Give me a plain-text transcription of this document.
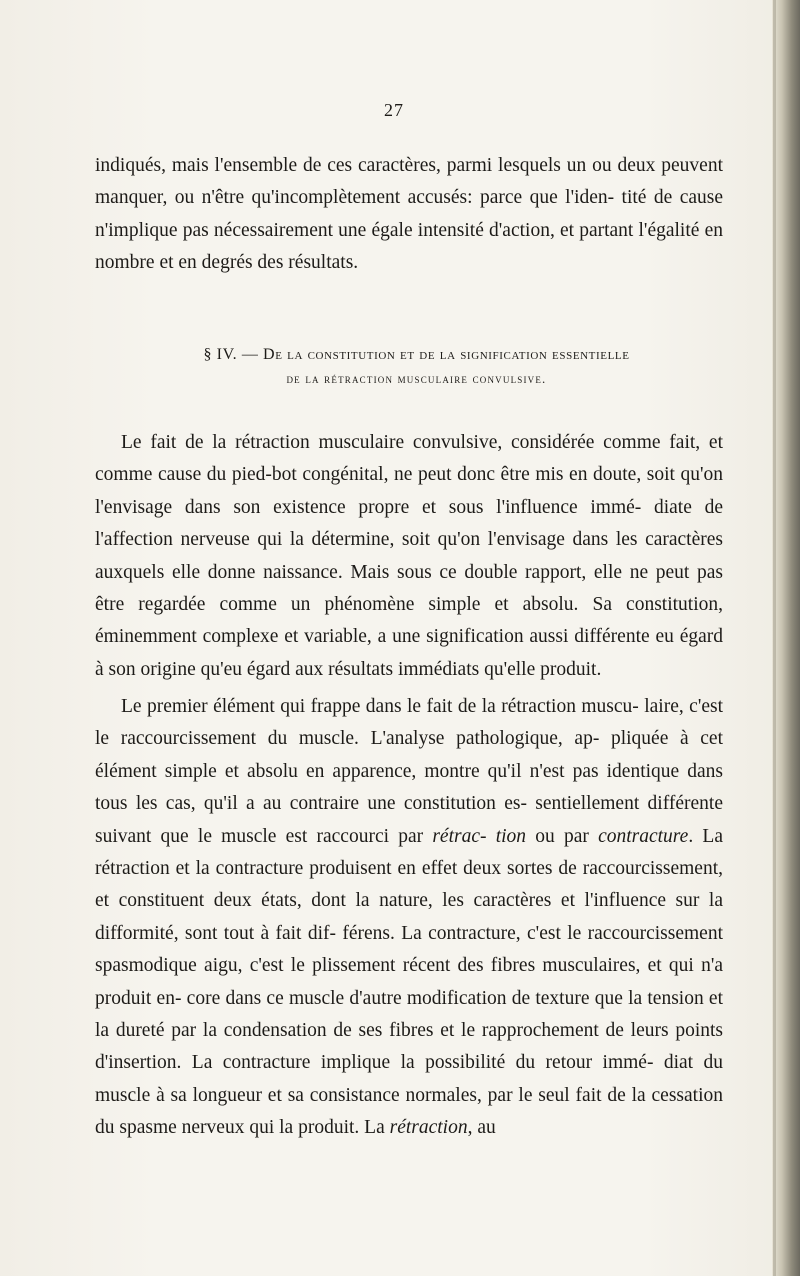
27

indiqués, mais l'ensemble de ces caractères, parmi lesquels un ou deux peuvent manquer, ou n'être qu'incomplètement accusés: parce que l'iden- tité de cause n'implique pas nécessairement une égale intensité d'action, et partant l'égalité en nombre et en degrés des résultats.

§ IV. — De la constitution et de la signification essentielle
de la rétraction musculaire convulsive.

Le fait de la rétraction musculaire convulsive, considérée comme fait, et comme cause du pied-bot congénital, ne peut donc être mis en doute, soit qu'on l'envisage dans son existence propre et sous l'influence immé- diate de l'affection nerveuse qui la détermine, soit qu'on l'envisage dans les caractères auxquels elle donne naissance. Mais sous ce double rapport, elle ne peut pas être regardée comme un phénomène simple et absolu. Sa constitution, éminemment complexe et variable, a une signification aussi différente eu égard à son origine qu'eu égard aux résultats immédiats qu'elle produit.

Le premier élément qui frappe dans le fait de la rétraction muscu- laire, c'est le raccourcissement du muscle. L'analyse pathologique, ap- pliquée à cet élément simple et absolu en apparence, montre qu'il n'est pas identique dans tous les cas, qu'il a au contraire une constitution es- sentiellement différente suivant que le muscle est raccourci par rétrac- tion ou par contracture. La rétraction et la contracture produisent en effet deux sortes de raccourcissement, et constituent deux états, dont la nature, les caractères et l'influence sur la difformité, sont tout à fait dif- férens. La contracture, c'est le raccourcissement spasmodique aigu, c'est le plissement récent des fibres musculaires, et qui n'a produit en- core dans ce muscle d'autre modification de texture que la tension et la dureté par la condensation de ses fibres et le rapprochement de leurs points d'insertion. La contracture implique la possibilité du retour immé- diat du muscle à sa longueur et sa consistance normales, par le seul fait de la cessation du spasme nerveux qui la produit. La rétraction, au
